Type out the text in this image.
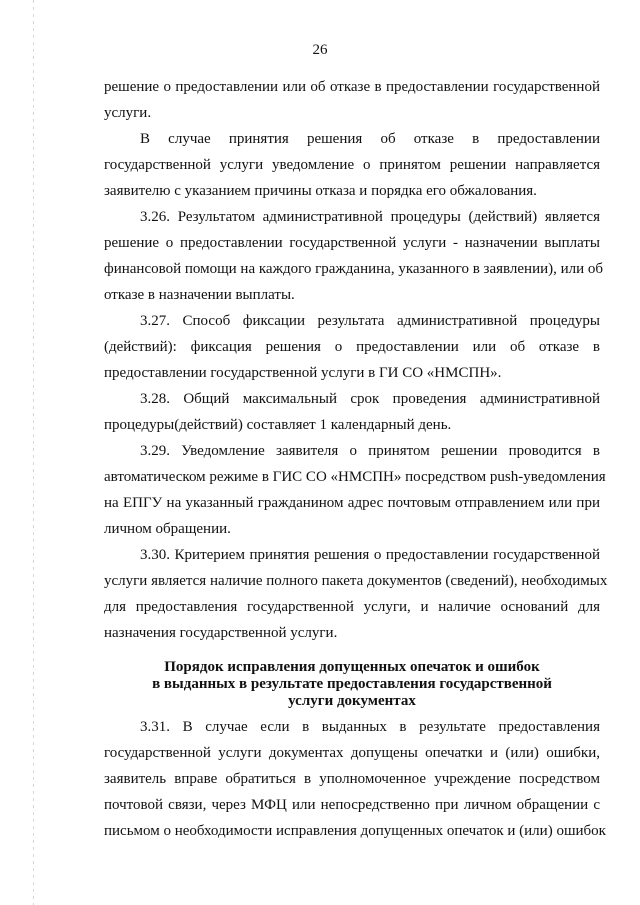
26
решение о предоставлении или об отказе в предоставлении государственной
услуги.
В случае принятия решения об отказе в предоставлении
государственной услуги уведомление о принятом решении направляется
заявителю с указанием причины отказа и порядка его обжалования.
3.26. Результатом административной процедуры (действий) является
решение о предоставлении государственной услуги - назначении выплаты
финансовой помощи на каждого гражданина, указанного в заявлении), или об
отказе в назначении выплаты.
3.27. Способ фиксации результата административной процедуры
(действий): фиксация решения о предоставлении или об отказе в
предоставлении государственной услуги в ГИ СО «НМСПН».
3.28. Общий максимальный срок проведения административной
процедуры(действий) составляет 1 календарный день.
3.29. Уведомление заявителя о принятом решении проводится в
автоматическом режиме в ГИС СО «НМСПН» посредством push-уведомления
на ЕПГУ на указанный гражданином адрес почтовым отправлением или при
личном обращении.
3.30. Критерием принятия решения о предоставлении государственной
услуги является наличие полного пакета документов (сведений), необходимых
для предоставления государственной услуги, и наличие оснований для
назначения государственной услуги.
Порядок исправления допущенных опечаток и ошибок
в выданных в результате предоставления государственной
услуги документах
3.31. В случае если в выданных в результате предоставления
государственной услуги документах допущены опечатки и (или) ошибки,
заявитель вправе обратиться в уполномоченное учреждение посредством
почтовой связи, через МФЦ или непосредственно при личном обращении с
письмом о необходимости исправления допущенных опечаток и (или) ошибок
